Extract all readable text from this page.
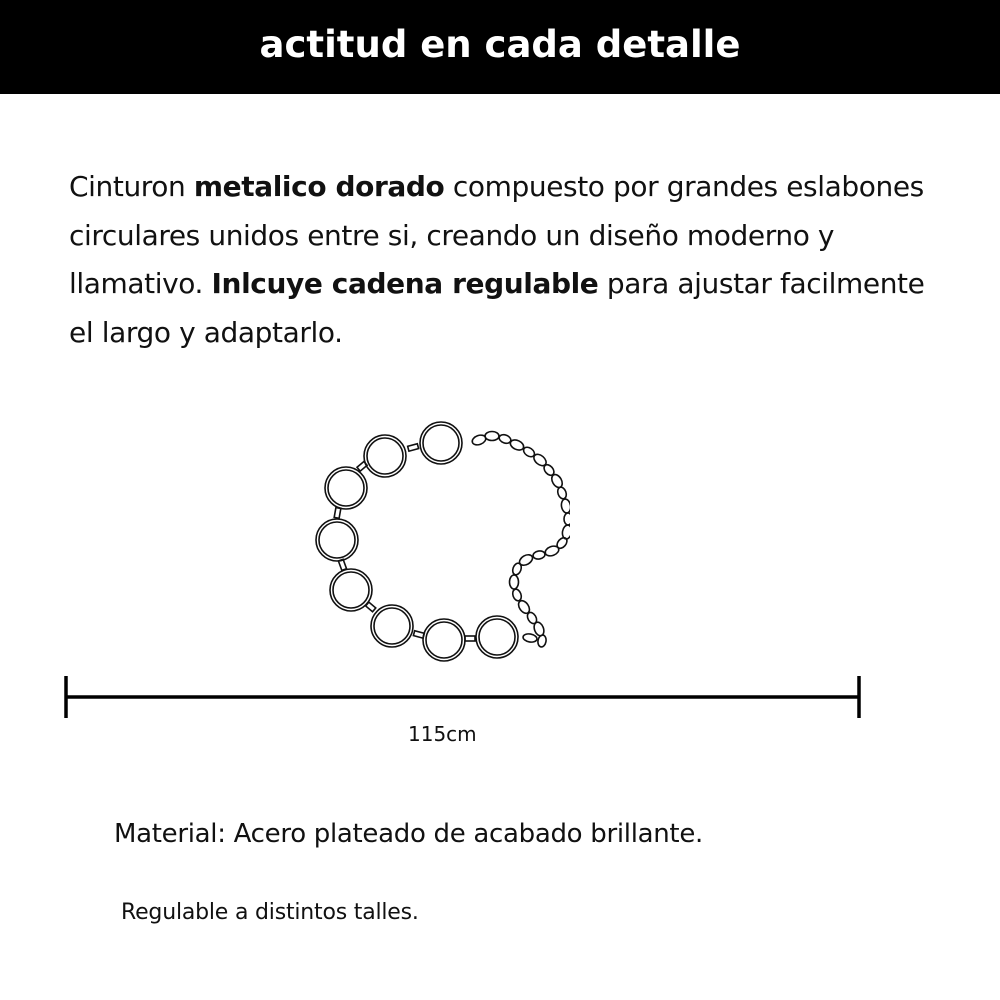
actitud en cada detalle

Cinturon metalico dorado compuesto por grandes eslabones circulares unidos entre si, creando un diseño moderno y llamativo. Inlcuye cadena regulable para ajustar facilmente el largo y adaptarlo.

115cm
Material: Acero plateado de acabado brillante.
Regulable a distintos talles.
